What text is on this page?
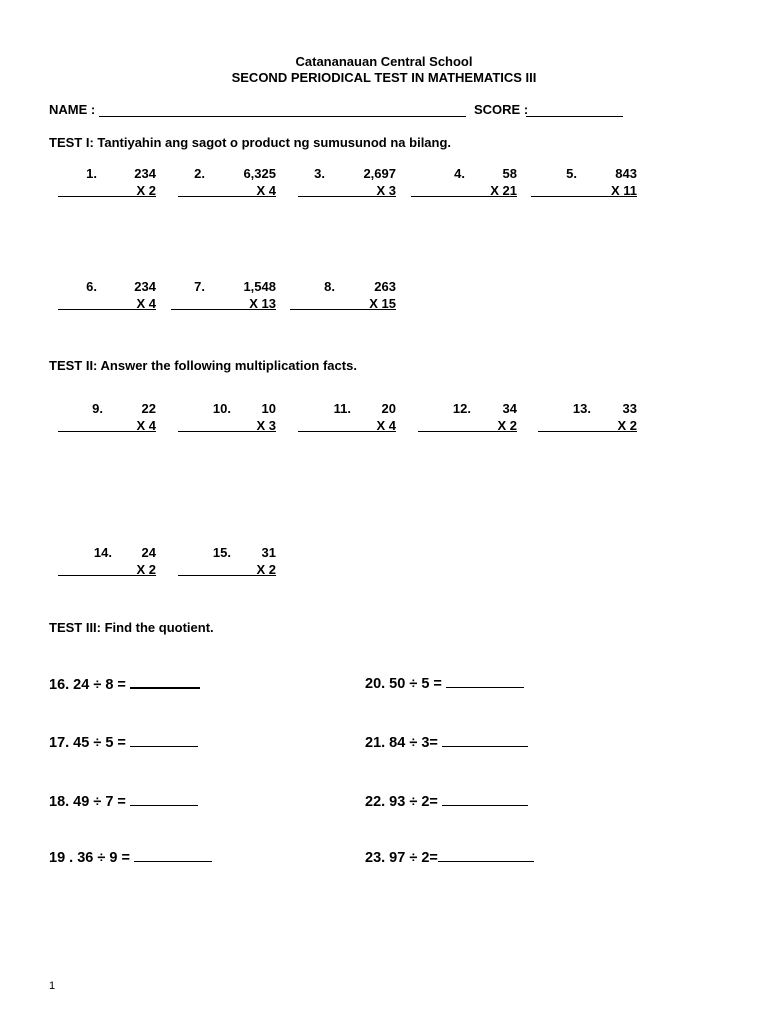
Catananauan Central School
SECOND PERIODICAL TEST IN MATHEMATICS III
NAME :	SCORE :
TEST I: Tantiyahin ang sagot o product ng sumusunod na bilang.
1.	234
X 2
2.	6,325
X 4
3.	2,697
X 3
4.	58
X 21
5.	843
X 11
6.	234
X 4
7.	1,548
X 13
8.	263
X 15
TEST II: Answer the following multiplication facts.
9.	22
X 4
10.	10
X 3
11.	20
X 4
12.	34
X 2
13.	33
X 2
14.	24
X 2
15.	31
X 2
TEST III: Find the quotient.
16. 24 ÷ 8 =
17. 45 ÷ 5 =
18. 49 ÷ 7 =
19 . 36 ÷ 9 =
20. 50 ÷ 5 =
21. 84 ÷ 3=
22. 93 ÷ 2=
23. 97 ÷ 2=
1
